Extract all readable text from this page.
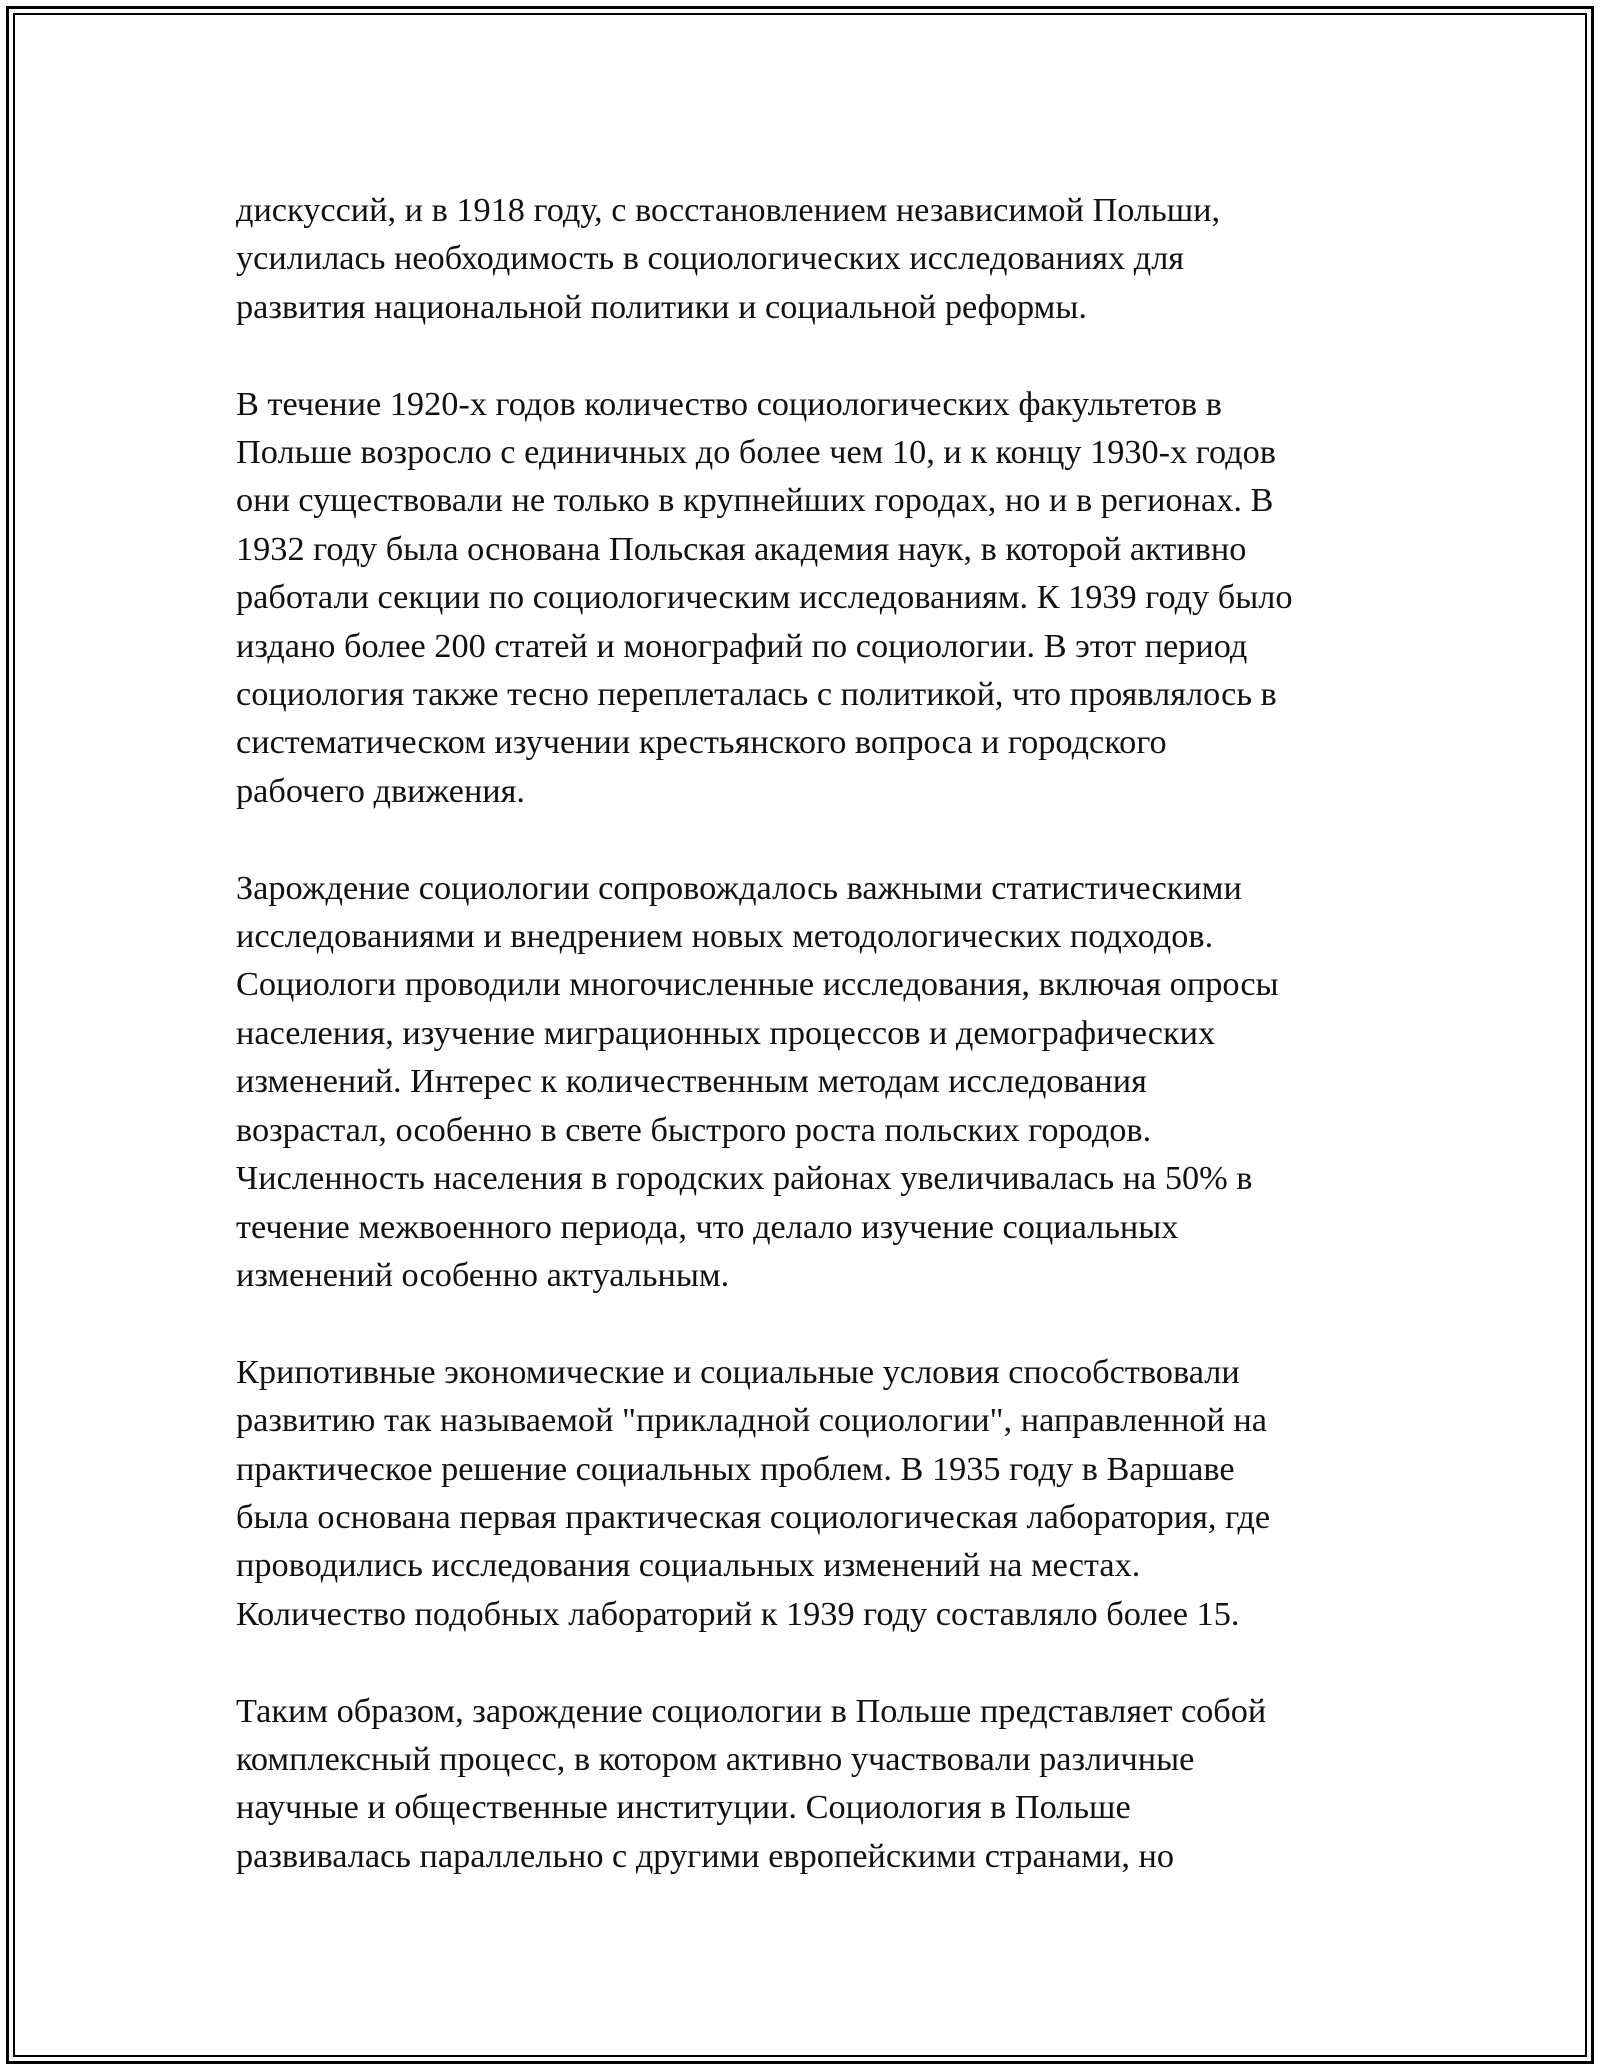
дискуссий, и в 1918 году, с восстановлением независимой Польши,
усилилась необходимость в социологических исследованиях для
развития национальной политики и социальной реформы.
В течение 1920-х годов количество социологических факультетов в
Польше возросло с единичных до более чем 10, и к концу 1930-х годов
они существовали не только в крупнейших городах, но и в регионах. В
1932 году была основана Польская академия наук, в которой активно
работали секции по социологическим исследованиям. К 1939 году было
издано более 200 статей и монографий по социологии. В этот период
социология также тесно переплеталась с политикой, что проявлялось в
систематическом изучении крестьянского вопроса и городского
рабочего движения.
Зарождение социологии сопровождалось важными статистическими
исследованиями и внедрением новых методологических подходов.
Социологи проводили многочисленные исследования, включая опросы
населения, изучение миграционных процессов и демографических
изменений. Интерес к количественным методам исследования
возрастал, особенно в свете быстрого роста польских городов.
Численность населения в городских районах увеличивалась на 50% в
течение межвоенного периода, что делало изучение социальных
изменений особенно актуальным.
Крипотивные экономические и социальные условия способствовали
развитию так называемой "прикладной социологии", направленной на
практическое решение социальных проблем. В 1935 году в Варшаве
была основана первая практическая социологическая лаборатория, где
проводились исследования социальных изменений на местах.
Количество подобных лабораторий к 1939 году составляло более 15.
Таким образом, зарождение социологии в Польше представляет собой
комплексный процесс, в котором активно участвовали различные
научные и общественные институции. Социология в Польше
развивалась параллельно с другими европейскими странами, но
